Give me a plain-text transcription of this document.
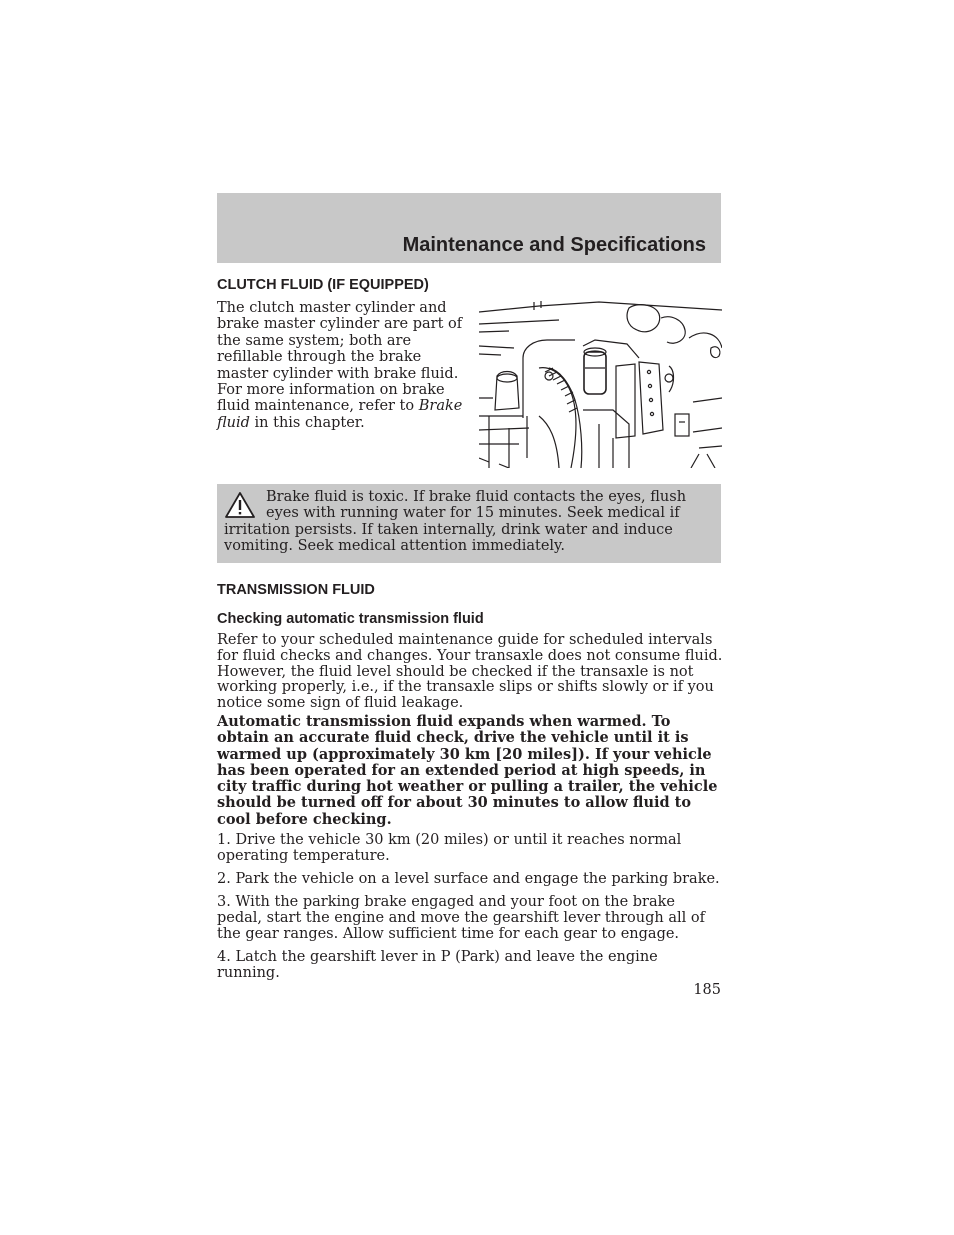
Maintenance and Specifications
CLUTCH FLUID (IF EQUIPPED)

The clutch master cylinder and brake master cylinder are part of the same system; both are refillable through the brake master cylinder with brake fluid. For more information on brake fluid maintenance, refer to Brake fluid in this chapter.

Brake fluid is toxic. If brake fluid contacts the eyes, flush eyes with running water for 15 minutes. Seek medical if irritation persists. If taken internally, drink water and induce vomiting. Seek medical attention immediately.

TRANSMISSION FLUID
Checking automatic transmission fluid

Refer to your scheduled maintenance guide for scheduled intervals for fluid checks and changes. Your transaxle does not consume fluid. However, the fluid level should be checked if the transaxle is not working properly, i.e., if the transaxle slips or shifts slowly or if you notice some sign of fluid leakage.

Automatic transmission fluid expands when warmed. To obtain an accurate fluid check, drive the vehicle until it is warmed up (approximately 30 km [20 miles]). If your vehicle has been operated for an extended period at high speeds, in city traffic during hot weather or pulling a trailer, the vehicle should be turned off for about 30 minutes to allow fluid to cool before checking.

1. Drive the vehicle 30 km (20 miles) or until it reaches normal operating temperature.

2. Park the vehicle on a level surface and engage the parking brake.

3. With the parking brake engaged and your foot on the brake pedal, start the engine and move the gearshift lever through all of the gear ranges. Allow sufficient time for each gear to engage.

4. Latch the gearshift lever in P (Park) and leave the engine running.

185
